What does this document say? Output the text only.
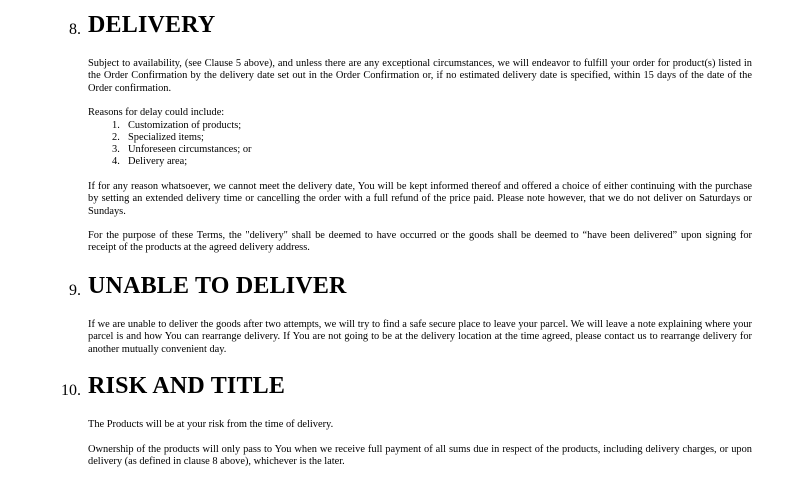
8. DELIVERY

Subject to availability, (see Clause 5 above), and unless there are any exceptional circumstances, we will endeavor to fulfill your order for product(s) listed in the Order Confirmation by the delivery date set out in the Order Confirmation or, if no estimated delivery date is specified, within 15 days of the date of the Order confirmation.

Reasons for delay could include:

1. Customization of products;
2. Specialized items;
3. Unforeseen circumstances; or
4. Delivery area;

If for any reason whatsoever, we cannot meet the delivery date, You will be kept informed thereof and offered a choice of either continuing with the purchase by setting an extended delivery time or cancelling the order with a full refund of the price paid. Please note however, that we do not deliver on Saturdays or Sundays.

For the purpose of these Terms, the "delivery" shall be deemed to have occurred or the goods shall be deemed to “have been delivered” upon signing for receipt of the products at the agreed delivery address.

9. UNABLE TO DELIVER

If we are unable to deliver the goods after two attempts, we will try to find a safe secure place to leave your parcel. We will leave a note explaining where your parcel is and how You can rearrange delivery. If You are not going to be at the delivery location at the time agreed, please contact us to rearrange delivery for another mutually convenient day.

10. RISK AND TITLE

The Products will be at your risk from the time of delivery.

Ownership of the products will only pass to You when we receive full payment of all sums due in respect of the products, including delivery charges, or upon delivery (as defined in clause 8 above), whichever is the later.
